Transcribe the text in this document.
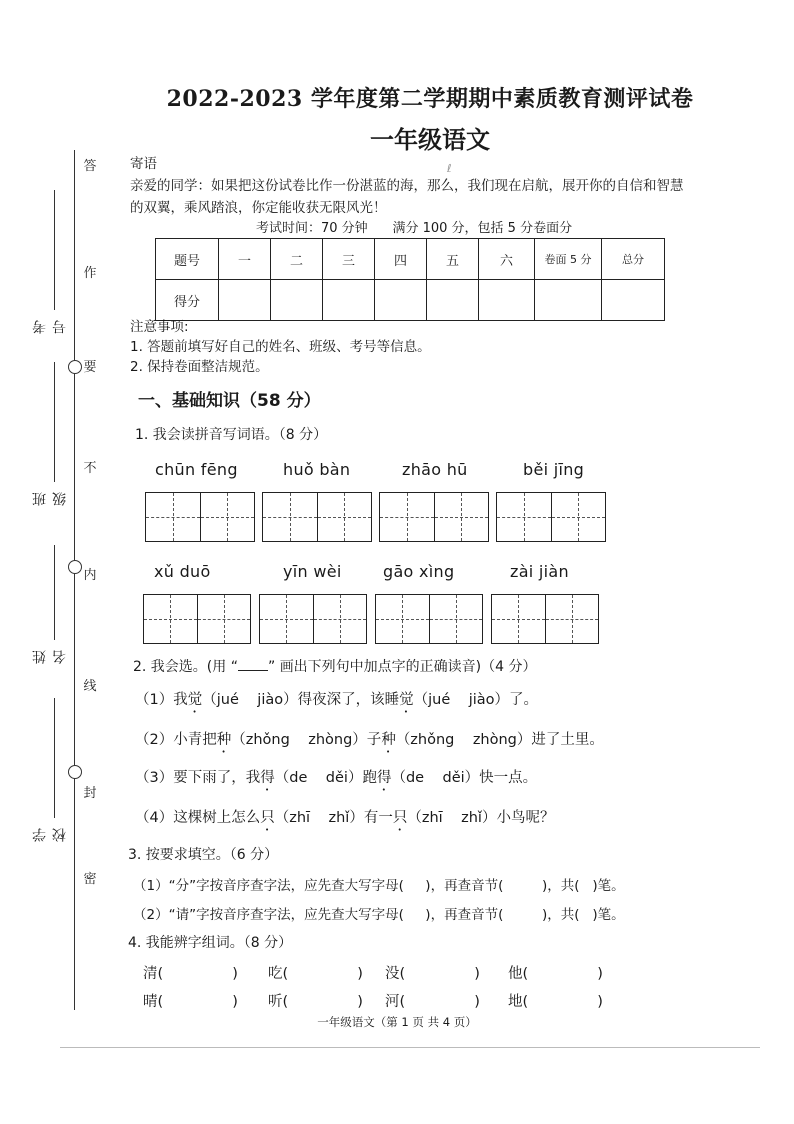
答
作
要
不
内
线
封
密
考号
班级
姓名
学校
2022-2023 学年度第二学期期中素质教育测评试卷
一年级语文
ℓ
寄语
亲爱的同学：如果把这份试卷比作一份湛蓝的海，那么，我们现在启航，展开你的自信和智慧
的双翼，乘风踏浪，你定能收获无限风光！
考试时间：70 分钟      满分 100 分，包括 5 分卷面分
题号	一	二	三	四	五	六	卷面 5 分	总分
得分								
注意事项:
1. 答题前填写好自己的姓名、班级、考号等信息。
2. 保持卷面整洁规范。
一、基础知识（58 分）
1. 我会读拼音写词语。（8 分）
chūn fēng	huǒ bàn	zhāo hū	běi jīng
xǔ duō	yīn wèi	gāo xìng	zài jiàn
2. 我会选。(用 “ ” 画出下列句中加点字的正确读音)（4 分）
（1）我觉（jué    jiào）得夜深了，该睡觉（jué    jiào）了。
（2）小青把种（zhǒng    zhòng）子种（zhǒng    zhòng）进了土里。
（3）要下雨了，我得（de    děi）跑得（de    děi）快一点。
（4）这棵树上怎么只（zhī    zhǐ）有一只（zhī    zhǐ）小鸟呢？
3. 按要求填空。（6 分）
（1）“分”字按音序查字法，应先查大写字母(     )，再查音节(         )，共(   )笔。
（2）“请”字按音序查字法，应先查大写字母(     )，再查音节(         )，共(   )笔。
4. 我能辨字组词。（8 分）
清(               ) 吃(               ) 没(               ) 他(               )
晴(               ) 听(               ) 河(               ) 地(               )
一年级语文（第 1 页 共 4 页）
